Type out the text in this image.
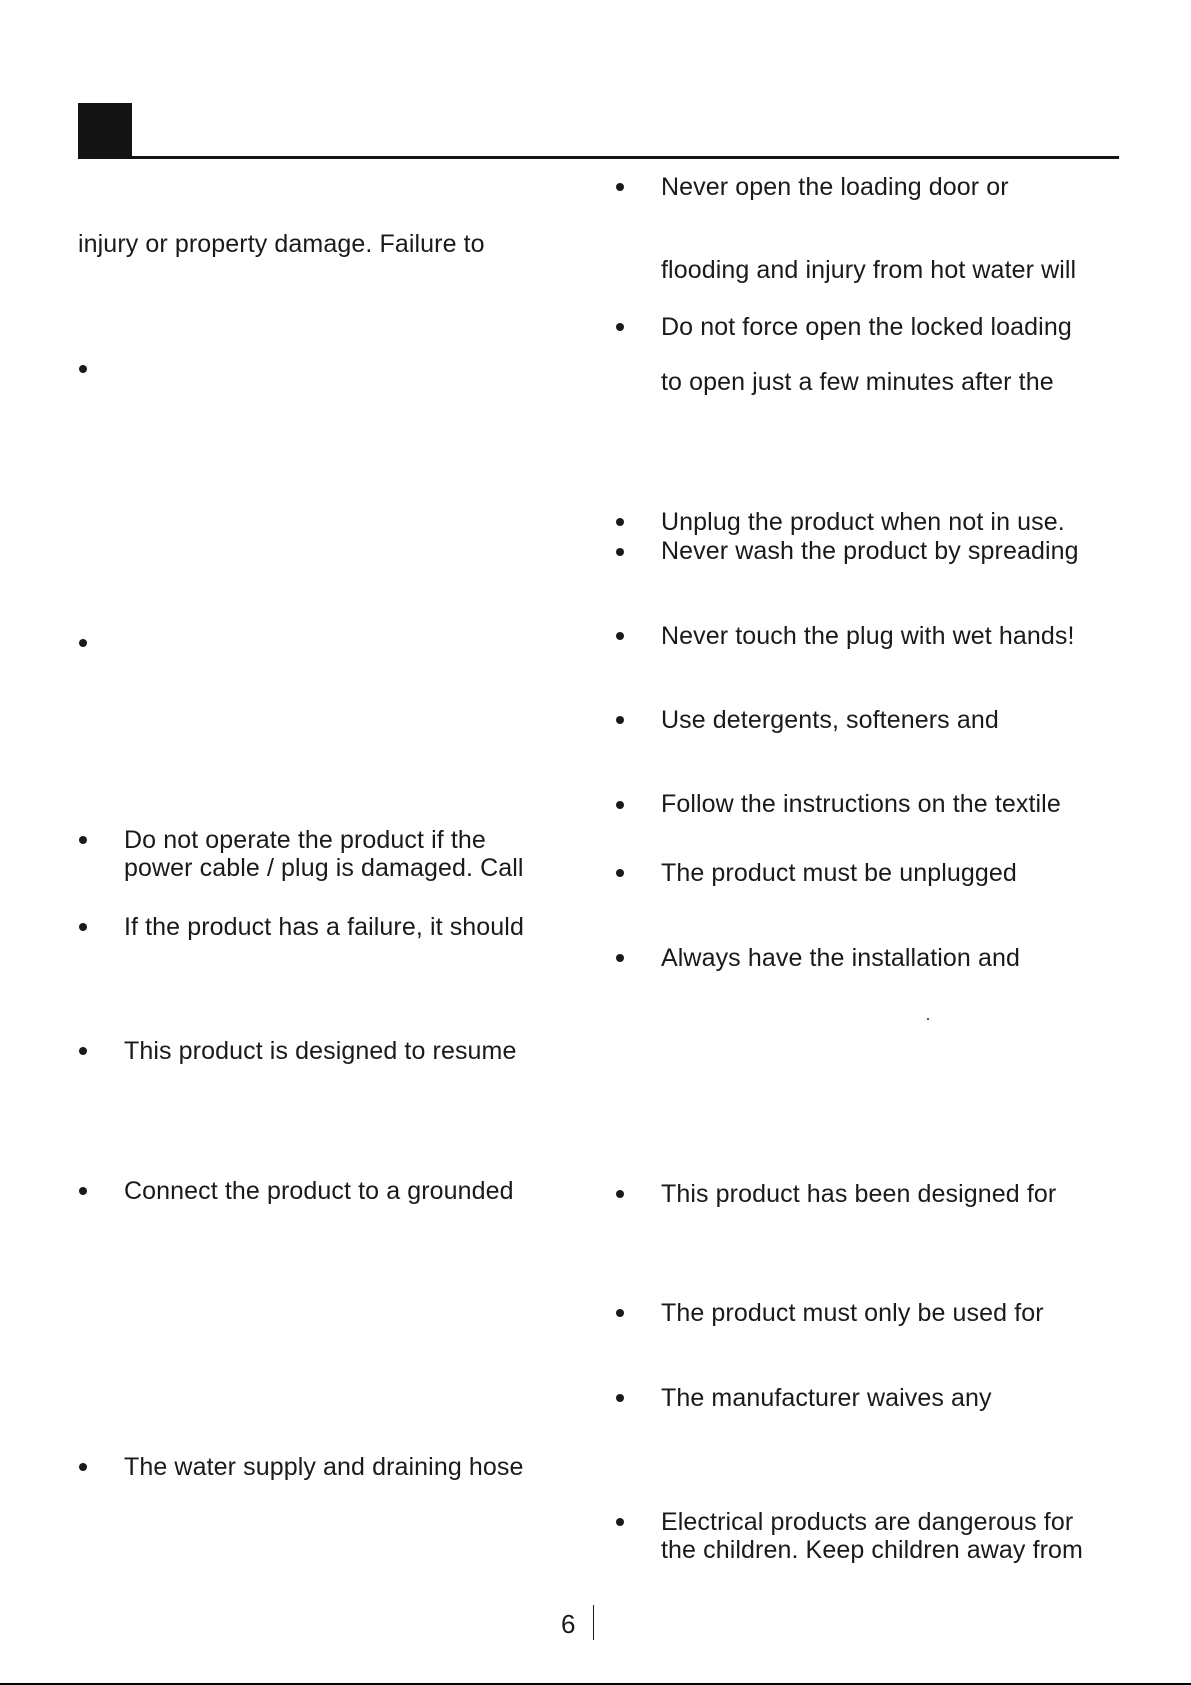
injury or property damage. Failure to
Do not operate the product if the
power cable / plug is damaged. Call
If the product has a failure, it should
This product is designed to resume
Connect the product to a grounded
The water supply and draining hose
Never open the loading door or
flooding and injury from hot water will
Do not force open the locked loading
to open just a few minutes after the
Unplug the product when not in use.
Never wash the product by spreading
Never touch the plug with wet hands!
Use detergents, softeners and
Follow the instructions on the textile
The product must be unplugged
Always have the installation and
This product has been designed for
The product must only be used for
The manufacturer waives any
Electrical products are dangerous for
the children. Keep children away from
6
